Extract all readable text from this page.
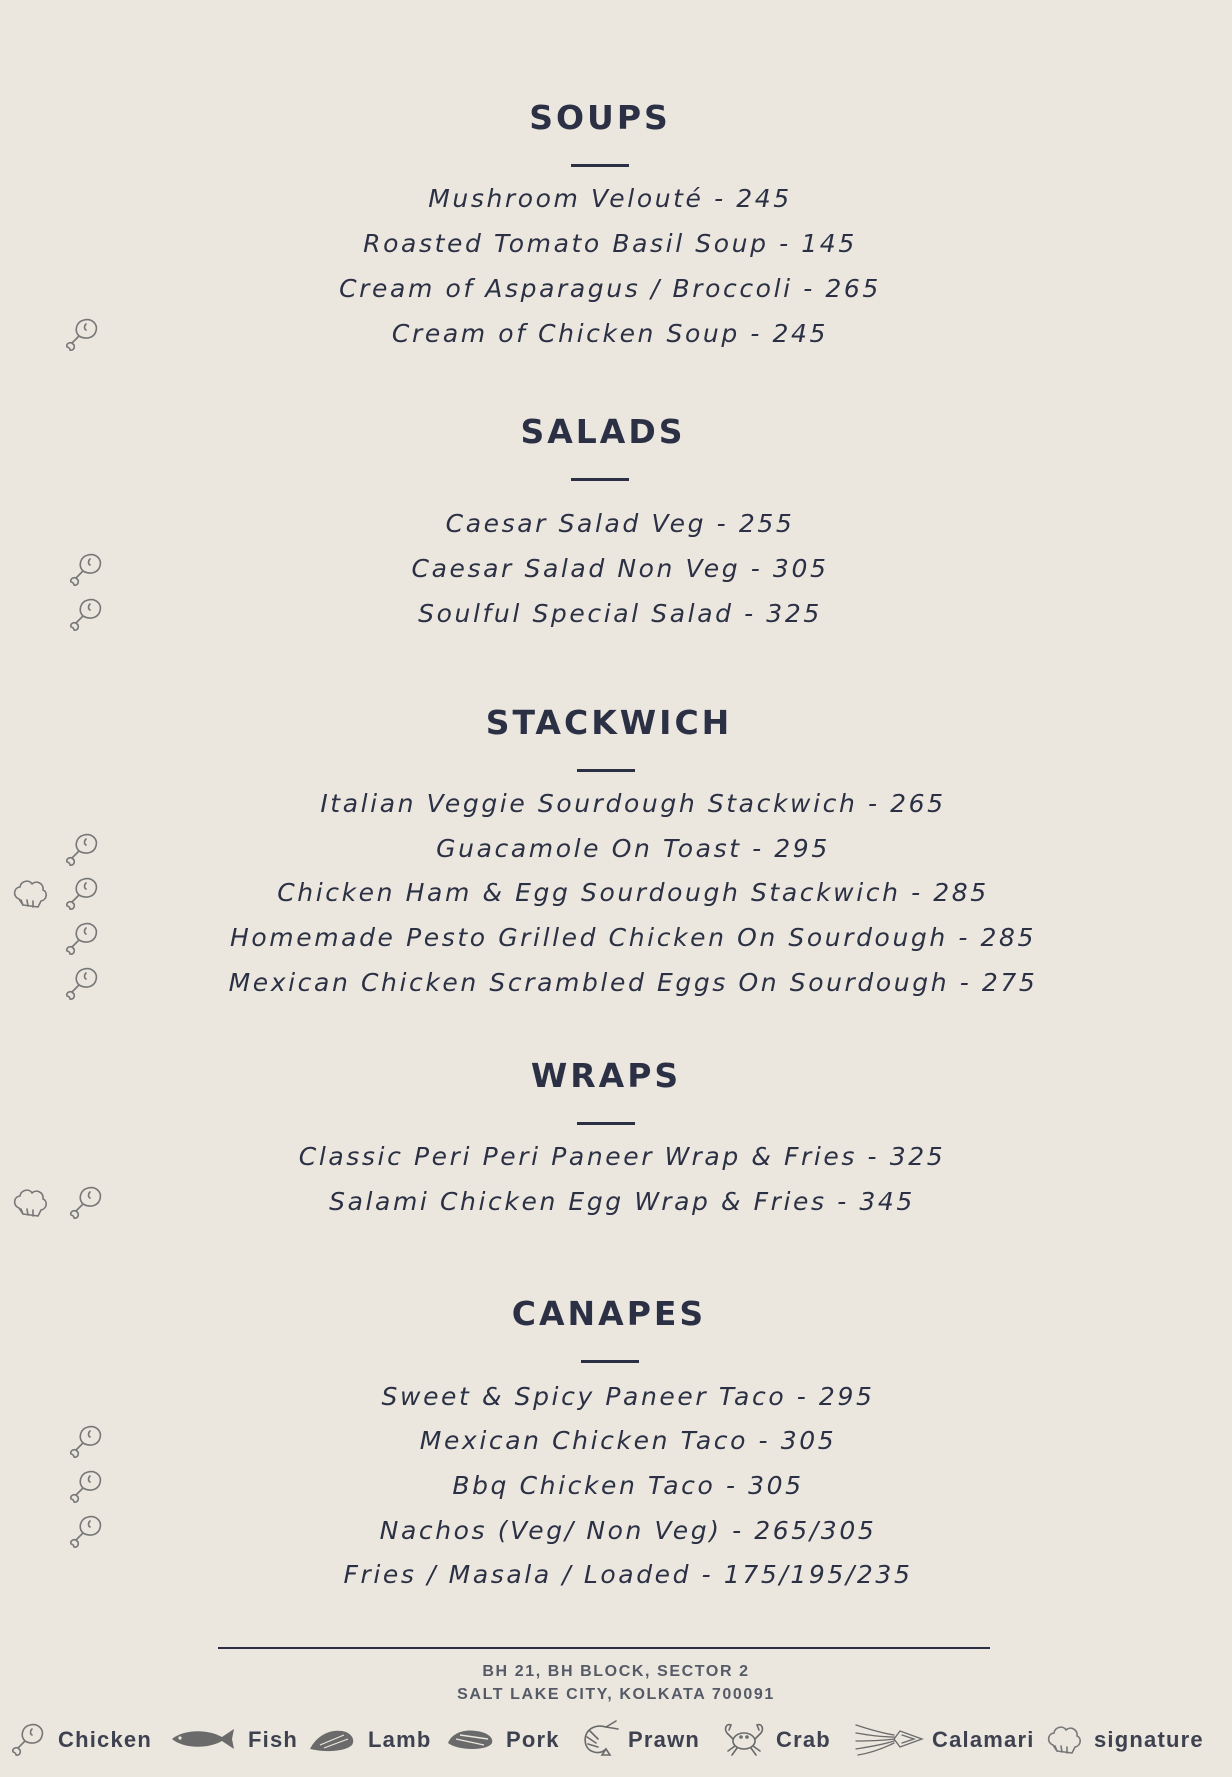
SOUPS
Mushroom Velouté - 245
Roasted Tomato Basil Soup - 145
Cream of Asparagus / Broccoli - 265
Cream of Chicken Soup - 245
SALADS
Caesar Salad Veg - 255
Caesar Salad Non Veg - 305
Soulful Special Salad - 325
STACKWICH
Italian Veggie Sourdough Stackwich - 265
Guacamole On Toast - 295
Chicken Ham & Egg Sourdough Stackwich - 285
Homemade Pesto Grilled Chicken On Sourdough - 285
Mexican Chicken Scrambled Eggs On Sourdough - 275
WRAPS
Classic Peri Peri Paneer Wrap & Fries - 325
Salami Chicken Egg Wrap & Fries - 345
CANAPES
Sweet & Spicy Paneer Taco - 295
Mexican Chicken Taco - 305
Bbq Chicken Taco - 305
Nachos (Veg/ Non Veg) - 265/305
Fries / Masala / Loaded - 175/195/235
BH 21, BH BLOCK, SECTOR 2
SALT LAKE CITY, KOLKATA 700091
Chicken	Fish	Lamb	Pork	Prawn	Crab	Calamari	signature
